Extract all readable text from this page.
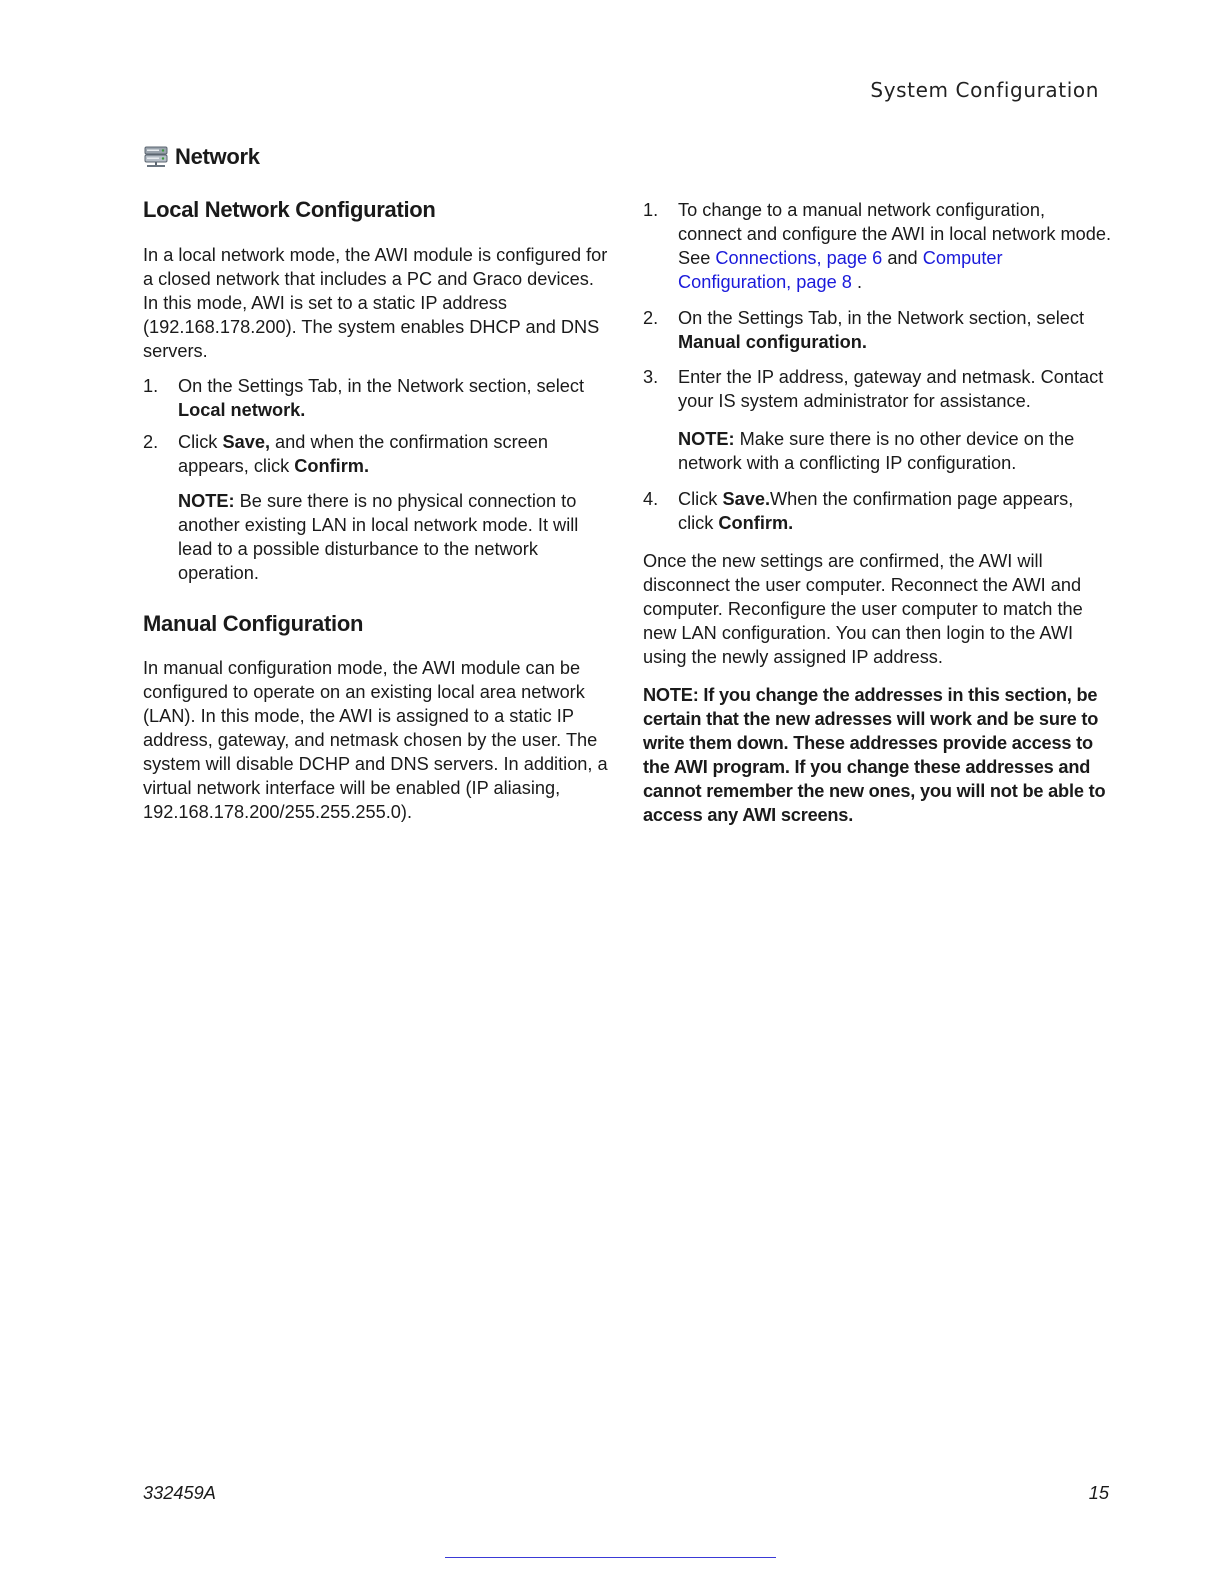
System Configuration
Network
Local Network Configuration

In a local network mode, the AWI module is configured for a closed network that includes a PC and Graco devices. In this mode, AWI is set to a static IP address (192.168.178.200). The system enables DHCP and DNS servers.

1. On the Settings Tab, in the Network section, select Local network.
2. Click Save, and when the confirmation screen appears, click Confirm.

NOTE: Be sure there is no physical connection to another existing LAN in local network mode. It will lead to a possible disturbance to the network operation.

Manual Configuration

In manual configuration mode, the AWI module can be configured to operate on an existing local area network (LAN). In this mode, the AWI is assigned to a static IP address, gateway, and netmask chosen by the user. The system will disable DCHP and DNS servers. In addition, a virtual network interface will be enabled (IP aliasing, 192.168.178.200/255.255.255.0).

1. To change to a manual network configuration, connect and configure the AWI in local network mode. See Connections, page 6 and Computer Configuration, page 8 .
2. On the Settings Tab, in the Network section, select Manual configuration.
3. Enter the IP address, gateway and netmask. Contact your IS system administrator for assistance.

NOTE: Make sure there is no other device on the network with a conflicting IP configuration.

4. Click Save.When the confirmation page appears, click Confirm.

Once the new settings are confirmed, the AWI will disconnect the user computer. Reconnect the AWI and computer. Reconfigure the user computer to match the new LAN configuration. You can then login to the AWI using the newly assigned IP address.

NOTE: If you change the addresses in this section, be certain that the new adresses will work and be sure to write them down. These addresses provide access to the AWI program. If you change these addresses and cannot remember the new ones, you will not be able to access any AWI screens.

332459A	15
